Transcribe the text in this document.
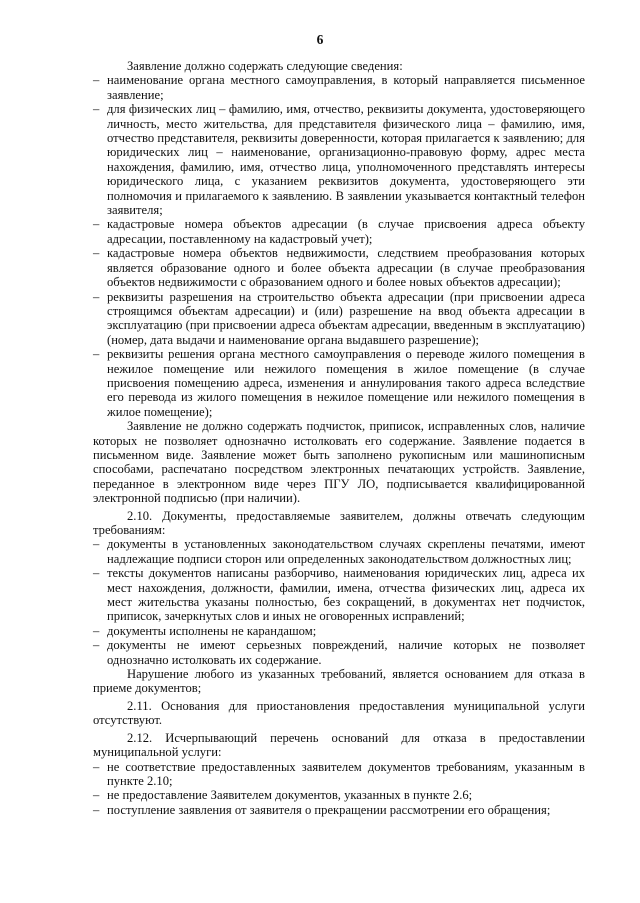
6

Заявление должно содержать следующие сведения:

– наименование органа местного самоуправления, в который направляется письменное заявление;
– для физических лиц – фамилию, имя, отчество, реквизиты документа, удостоверяющего личность, место жительства, для представителя физического лица – фамилию, имя, отчество представителя, реквизиты доверенности, которая прилагается к заявлению; для юридических лиц – наименование, организационно-правовую форму, адрес места нахождения, фамилию, имя, отчество лица, уполномоченного представлять интересы юридического лица, с указанием реквизитов документа, удостоверяющего эти полномочия и прилагаемого к заявлению. В заявлении указывается контактный телефон заявителя;
– кадастровые номера объектов адресации (в случае присвоения адреса объекту адресации, поставленному на кадастровый учет);
– кадастровые номера объектов недвижимости, следствием преобразования которых является образование одного и более объекта адресации (в случае преобразования объектов недвижимости с образованием одного и более новых объектов адресации);
– реквизиты разрешения на строительство объекта адресации (при присвоении адреса строящимся объектам адресации) и (или) разрешение на ввод объекта адресации в эксплуатацию (при присвоении адреса объектам адресации, введенным в эксплуатацию) (номер, дата выдачи и наименование органа выдавшего разрешение);
– реквизиты решения органа местного самоуправления о переводе жилого помещения в нежилое помещение или нежилого помещения в жилое помещение (в случае присвоения помещению адреса, изменения и аннулирования такого адреса вследствие его перевода из жилого помещения в нежилое помещение или нежилого помещения в жилое помещение);

Заявление не должно содержать подчисток, приписок, исправленных слов, наличие которых не позволяет однозначно истолковать его содержание. Заявление подается в письменном виде. Заявление может быть заполнено рукописным или машинописным способами, распечатано посредством электронных печатающих устройств. Заявление, переданное в электронном виде через ПГУ ЛО, подписывается квалифицированной электронной подписью (при наличии).

2.10. Документы, предоставляемые заявителем, должны отвечать следующим требованиям:

– документы в установленных законодательством случаях скреплены печатями, имеют надлежащие подписи сторон или определенных законодательством должностных лиц;
– тексты документов написаны разборчиво, наименования юридических лиц, адреса их мест нахождения, должности, фамилии, имена, отчества физических лиц, адреса их мест жительства указаны полностью, без сокращений, в документах нет подчисток, приписок, зачеркнутых слов и иных не оговоренных исправлений;
– документы исполнены не карандашом;
– документы не имеют серьезных повреждений, наличие которых не позволяет однозначно истолковать их содержание.

Нарушение любого из указанных требований, является основанием для отказа в приеме документов;

2.11. Основания для приостановления предоставления муниципальной услуги отсутствуют.

2.12. Исчерпывающий перечень оснований для отказа в предоставлении муниципальной услуги:

– не соответствие предоставленных заявителем документов требованиям, указанным в пункте 2.10;
– не предоставление Заявителем документов, указанных в пункте 2.6;
– поступление заявления от заявителя о прекращении рассмотрении его обращения;
